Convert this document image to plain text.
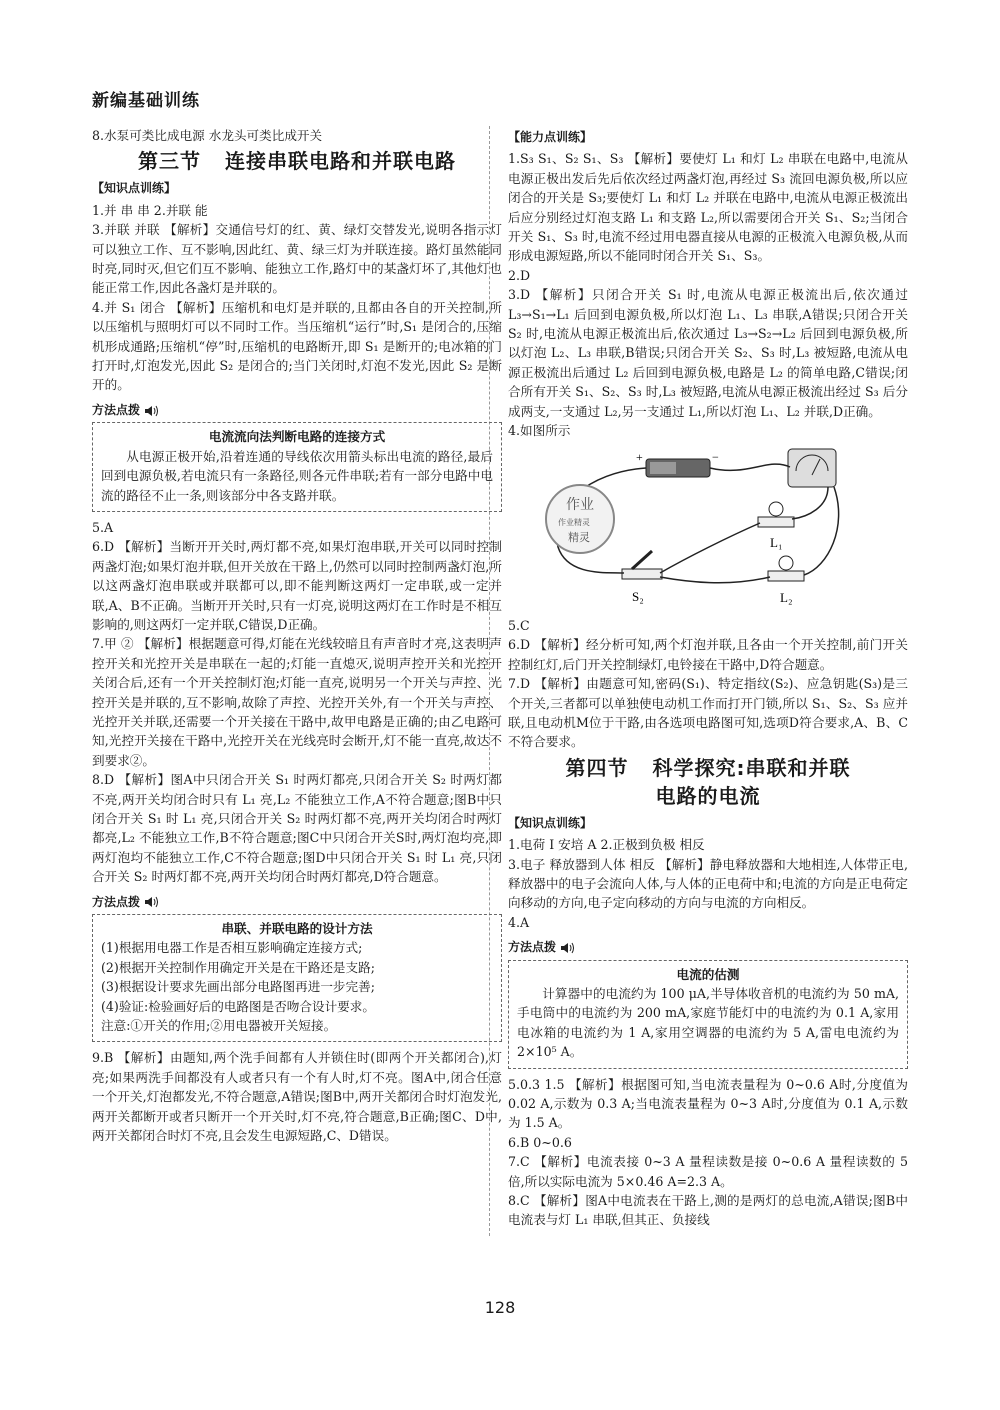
新编基础训练

8.水泵可类比成电源 水龙头可类比成开关

第三节 连接串联电路和并联电路
【知识点训练】

1.并 串 串 2.并联 能

3.并联 并联 【解析】交通信号灯的红、黄、绿灯交替发光,说明各指示灯可以独立工作、互不影响,因此红、黄、绿三灯为并联连接。路灯虽然能同时亮,同时灭,但它们互不影响、能独立工作,路灯中的某盏灯坏了,其他灯也能正常工作,因此各盏灯是并联的。

4.并 S₁ 闭合 【解析】压缩机和电灯是并联的,且都由各自的开关控制,所以压缩机与照明灯可以不同时工作。当压缩机“运行”时,S₁ 是闭合的,压缩机形成通路;压缩机“停”时,压缩机的电路断开,即 S₁ 是断开的;电冰箱的门打开时,灯泡发光,因此 S₂ 是闭合的;当门关闭时,灯泡不发光,因此 S₂ 是断开的。

方法点拨
电流流向法判断电路的连接方式

从电源正极开始,沿着连通的导线依次用箭头标出电流的路径,最后回到电源负极,若电流只有一条路径,则各元件串联;若有一部分电路中电流的路径不止一条,则该部分中各支路并联。

5.A

6.D 【解析】当断开开关时,两灯都不亮,如果灯泡串联,开关可以同时控制两盏灯泡;如果灯泡并联,但开关放在干路上,仍然可以同时控制两盏灯泡,所以这两盏灯泡串联或并联都可以,即不能判断这两灯一定串联,或一定并联,A、B不正确。当断开开关时,只有一灯亮,说明这两灯在工作时是不相互影响的,则这两灯一定并联,C错误,D正确。

7.甲 ② 【解析】根据题意可得,灯能在光线较暗且有声音时才亮,这表明声控开关和光控开关是串联在一起的;灯能一直熄灭,说明声控开关和光控开关闭合后,还有一个开关控制灯泡;灯能一直亮,说明另一个开关与声控、光控开关是并联的,互不影响,故除了声控、光控开关外,有一个开关与声控、光控开关并联,还需要一个开关接在干路中,故甲电路是正确的;由乙电路可知,光控开关接在干路中,光控开关在光线亮时会断开,灯不能一直亮,故达不到要求②。

8.D 【解析】图A中只闭合开关 S₁ 时两灯都亮,只闭合开关 S₂ 时两灯都不亮,两开关均闭合时只有 L₁ 亮,L₂ 不能独立工作,A不符合题意;图B中只闭合开关 S₁ 时 L₁ 亮,只闭合开关 S₂ 时两灯都不亮,两开关均闭合时两灯都亮,L₂ 不能独立工作,B不符合题意;图C中只闭合开关S时,两灯泡均亮,即两灯泡均不能独立工作,C不符合题意;图D中只闭合开关 S₁ 时 L₁ 亮,只闭合开关 S₂ 时两灯都不亮,两开关均闭合时两灯都亮,D符合题意。

方法点拨
串联、并联电路的设计方法

(1)根据用电器工作是否相互影响确定连接方式;

(2)根据开关控制作用确定开关是在干路还是支路;

(3)根据设计要求先画出部分电路图再进一步完善;

(4)验证:检验画好后的电路图是否吻合设计要求。

注意:①开关的作用;②用电器被开关短接。

9.B 【解析】由题知,两个洗手间都有人并锁住时(即两个开关都闭合),灯亮;如果两洗手间都没有人或者只有一个有人时,灯不亮。图A中,闭合任意一个开关,灯泡都发光,不符合题意,A错误;图B中,两开关都闭合时灯泡发光,两开关都断开或者只断开一个开关时,灯不亮,符合题意,B正确;图C、D中,两开关都闭合时灯不亮,且会发生电源短路,C、D错误。

【能力点训练】

1.S₃ S₁、S₂ S₁、S₃ 【解析】要使灯 L₁ 和灯 L₂ 串联在电路中,电流从电源正极出发后先后依次经过两盏灯泡,再经过 S₃ 流回电源负极,所以应闭合的开关是 S₃;要使灯 L₁ 和灯 L₂ 并联在电路中,电流从电源正极流出后应分别经过灯泡支路 L₁ 和支路 L₂,所以需要闭合开关 S₁、S₂;当闭合开关 S₁、S₃ 时,电流不经过用电器直接从电源的正极流入电源负极,从而形成电源短路,所以不能同时闭合开关 S₁、S₃。

2.D

3.D 【解析】只闭合开关 S₁ 时,电流从电源正极流出后,依次通过 L₃→S₁→L₁ 后回到电源负极,所以灯泡 L₁、L₃ 串联,A错误;只闭合开关 S₂ 时,电流从电源正极流出后,依次通过 L₃→S₂→L₂ 后回到电源负极,所以灯泡 L₂、L₃ 串联,B错误;只闭合开关 S₂、S₃ 时,L₃ 被短路,电流从电源正极流出后通过 L₂ 后回到电源负极,电路是 L₂ 的简单电路,C错误;闭合所有开关 S₁、S₂、S₃ 时,L₃ 被短路,电流从电源正极流出经过 S₃ 后分成两支,一支通过 L₂,另一支通过 L₁,所以灯泡 L₁、L₂ 并联,D正确。

4.如图所示

+	−
L₁
L₂
S₂
作业
作业精灵
精灵

5.C

6.D 【解析】经分析可知,两个灯泡并联,且各由一个开关控制,前门开关控制红灯,后门开关控制绿灯,电铃接在干路中,D符合题意。

7.D 【解析】由题意可知,密码(S₁)、特定指纹(S₂)、应急钥匙(S₃)是三个开关,三者都可以单独使电动机工作而打开门锁,所以 S₁、S₂、S₃ 应并联,且电动机M位于干路,由各选项电路图可知,选项D符合要求,A、B、C不符合要求。

第四节 科学探究:串联和并联
电路的电流
【知识点训练】

1.电荷 I 安培 A 2.正极到负极 相反

3.电子 释放器到人体 相反 【解析】静电释放器和大地相连,人体带正电,释放器中的电子会流向人体,与人体的正电荷中和;电流的方向是正电荷定向移动的方向,电子定向移动的方向与电流的方向相反。

4.A

方法点拨
电流的估测

计算器中的电流约为 100 μA,半导体收音机的电流约为 50 mA,手电筒中的电流约为 200 mA,家庭节能灯中的电流约为 0.1 A,家用电冰箱的电流约为 1 A,家用空调器的电流约为 5 A,雷电电流约为 2×10⁵ A。

5.0.3 1.5 【解析】根据图可知,当电流表量程为 0~0.6 A时,分度值为 0.02 A,示数为 0.3 A;当电流表量程为 0~3 A时,分度值为 0.1 A,示数为 1.5 A。

6.B 0~0.6

7.C 【解析】电流表接 0~3 A 量程读数是接 0~0.6 A 量程读数的 5 倍,所以实际电流为 5×0.46 A=2.3 A。

8.C 【解析】图A中电流表在干路上,测的是两灯的总电流,A错误;图B中电流表与灯 L₁ 串联,但其正、负接线

128
